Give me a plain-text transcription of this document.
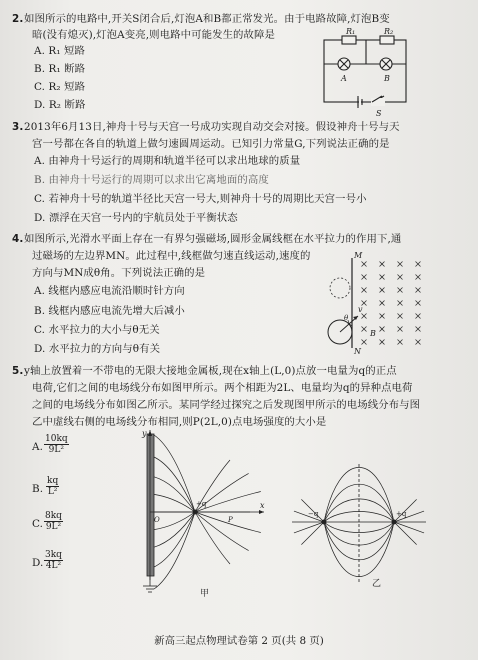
2. 如图所示的电路中,开关S闭合后,灯泡A和B都正常发光。由于电路故障,灯泡B变
暗(没有熄灭),灯泡A变亮,则电路中可能发生的故障是
A. R₁ 短路
B. R₁ 断路
C. R₂ 短路
D. R₂ 断路
R₁	R₂
A	B
S
3. 2013年6月13日,神舟十号与天宫一号成功实现自动交会对接。假设神舟十号与天
宫一号都在各自的轨道上做匀速圆周运动。已知引力常量G,下列说法正确的是
A. 由神舟十号运行的周期和轨道半径可以求出地球的质量
B. 由神舟十号运行的周期可以求出它离地面的高度
C. 若神舟十号的轨道半径比天宫一号大,则神舟十号的周期比天宫一号小
D. 漂浮在天宫一号内的宇航员处于平衡状态
4. 如图所示,光滑水平面上存在一有界匀强磁场,圆形金属线框在水平拉力的作用下,通
过磁场的左边界MN。此过程中,线框做匀速直线运动,速度的
方向与MN成θ角。下列说法正确的是
A. 线框内感应电流沿顺时针方向
B. 线框内感应电流先增大后减小
C. 水平拉力的大小与θ无关
D. 水平拉力的方向与θ有关
M
N
B
v
θ
5. y轴上放置着一不带电的无限大接地金属板,现在x轴上(L,0)点放一电量为q的正点
电荷,它们之间的电场线分布如图甲所示。两个相距为2L、电量均为q的异种点电荷
之间的电场线分布如图乙所示。某同学经过探究之后发现图甲所示的电场线分布与图
乙中虚线右侧的电场线分布相同,则P(2L,0)点电场强度的大小是
A. $\frac{10kq}{\text{9L²}}$
B. $\frac{kq}{\text{L²}}$
C. $\frac{8kq}{\text{9L²}}$
D. $\frac{3kq}{\text{4L²}}$
y
x
O	P
+q
甲
−q	+q
乙
新高三起点物理试卷第 2 页(共 8 页)
